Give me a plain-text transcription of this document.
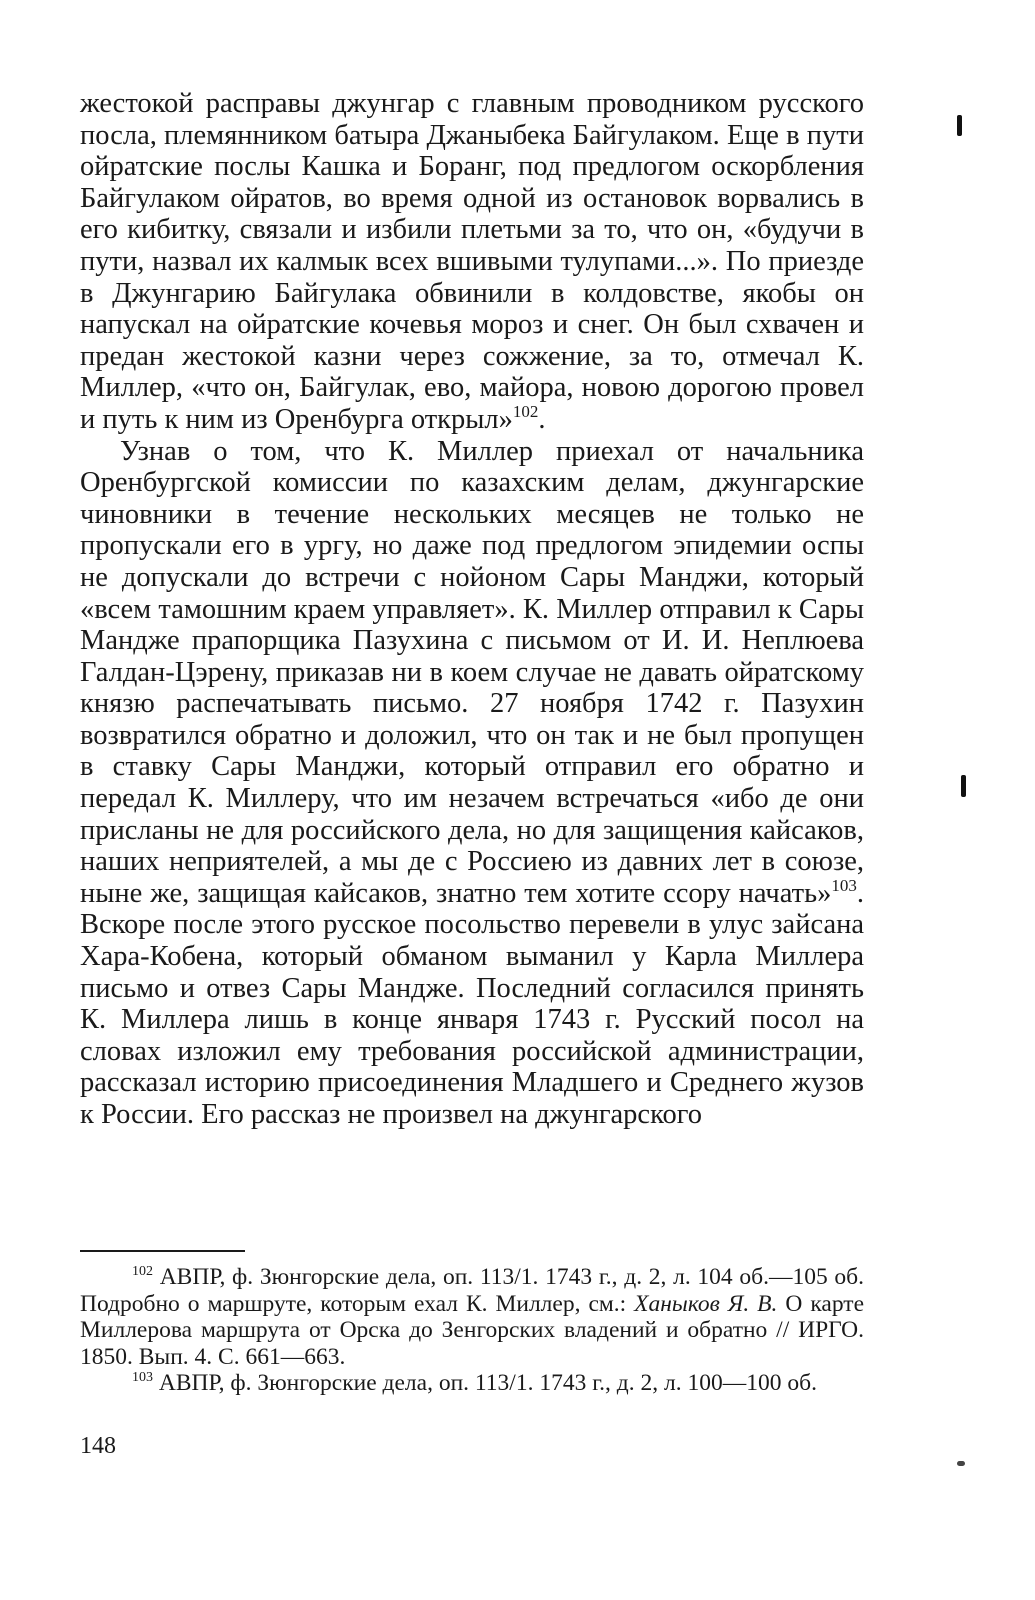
жестокой расправы джунгар с главным проводником русского посла, племянником батыра Джаныбека Байгулаком. Еще в пути ойратские послы Кашка и Боранг, под предлогом оскорбления Байгулаком ойратов, во время одной из остановок ворвались в его кибитку, связали и избили плетьми за то, что он, «будучи в пути, назвал их калмык всех вшивыми тулупами...». По приезде в Джунгарию Байгулака обвинили в колдовстве, якобы он напускал на ойратские кочевья мороз и снег. Он был схвачен и предан жестокой казни через сожжение, за то, отмечал К. Миллер, «что он, Байгулак, ево, майора, новою дорогою провел и путь к ним из Оренбурга открыл»$^{102}$.

Узнав о том, что К. Миллер приехал от начальника Оренбургской комиссии по казахским делам, джунгарские чиновники в течение нескольких месяцев не только не пропускали его в ургу, но даже под предлогом эпидемии оспы не допускали до встречи с нойоном Сары Манджи, который «всем тамошним краем управляет». К. Миллер отправил к Сары Мандже прапорщика Пазухина с письмом от И. И. Неплюева Галдан-Цэрену, приказав ни в коем случае не давать ойратскому князю распечатывать письмо. 27 ноября 1742 г. Пазухин возвратился обратно и доложил, что он так и не был пропущен в ставку Сары Манджи, который отправил его обратно и передал К. Миллеру, что им незачем встречаться «ибо де они присланы не для российского дела, но для защищения кайсаков, наших неприятелей, а мы де с Россиею из давних лет в союзе, ныне же, защищая кайсаков, знатно тем хотите ссору начать»$^{103}$. Вскоре после этого русское посольство перевели в улус зайсана Хара-Кобена, который обманом выманил у Карла Миллера письмо и отвез Сары Мандже. Последний согласился принять К. Миллера лишь в конце января 1743 г. Русский посол на словах изложил ему требования российской администрации, рассказал историю присоединения Младшего и Среднего жузов к России. Его рассказ не произвел на джунгарского

$^{102}$ АВПР, ф. Зюнгорские дела, оп. 113/1. 1743 г., д. 2, л. 104 об.—105 об. Подробно о маршруте, которым ехал К. Миллер, см.: Ханыков Я. В. О карте Миллерова маршрута от Орска до Зенгорских владений и обратно // ИРГО. 1850. Вып. 4. С. 661—663.

$^{103}$ АВПР, ф. Зюнгорские дела, оп. 113/1. 1743 г., д. 2, л. 100—100 об.

148
